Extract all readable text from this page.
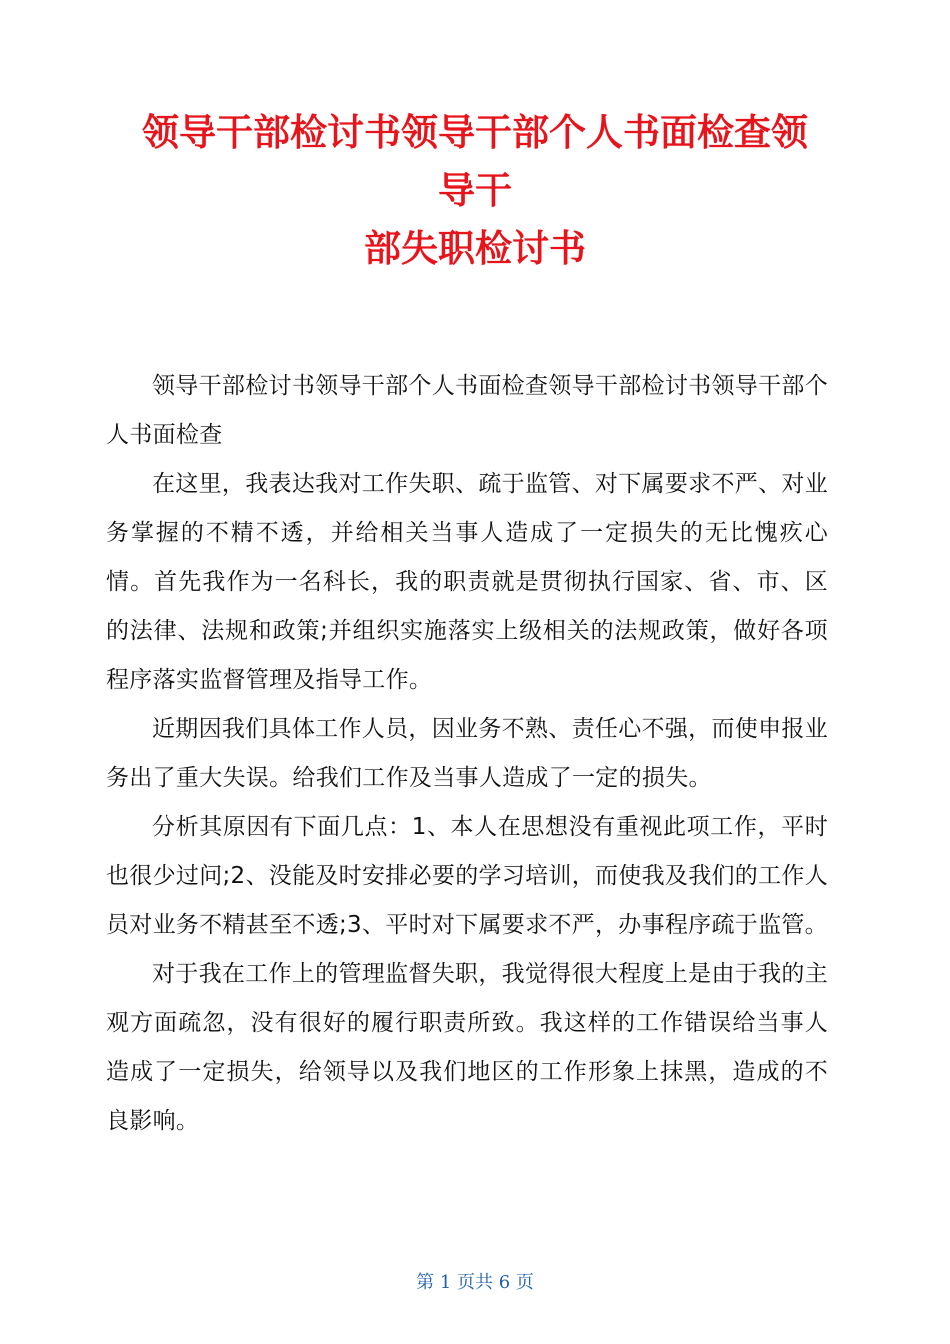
领导干部检讨书领导干部个人书面检查领
导干
部失职检讨书

领导干部检讨书领导干部个人书面检查领导干部检讨书领导干部个人书面检查

在这里，我表达我对工作失职、疏于监管、对下属要求不严、对业务掌握的不精不透，并给相关当事人造成了一定损失的无比愧疚心情。首先我作为一名科长，我的职责就是贯彻执行国家、省、市、区的法律、法规和政策;并组织实施落实上级相关的法规政策，做好各项程序落实监督管理及指导工作。

近期因我们具体工作人员，因业务不熟、责任心不强，而使申报业务出了重大失误。给我们工作及当事人造成了一定的损失。

分析其原因有下面几点：1、本人在思想没有重视此项工作，平时也很少过问;2、没能及时安排必要的学习培训，而使我及我们的工作人员对业务不精甚至不透;3、平时对下属要求不严，办事程序疏于监管。

对于我在工作上的管理监督失职，我觉得很大程度上是由于我的主观方面疏忽，没有很好的履行职责所致。我这样的工作错误给当事人造成了一定损失，给领导以及我们地区的工作形象上抹黑，造成的不良影响。

第 1 页共 6 页
